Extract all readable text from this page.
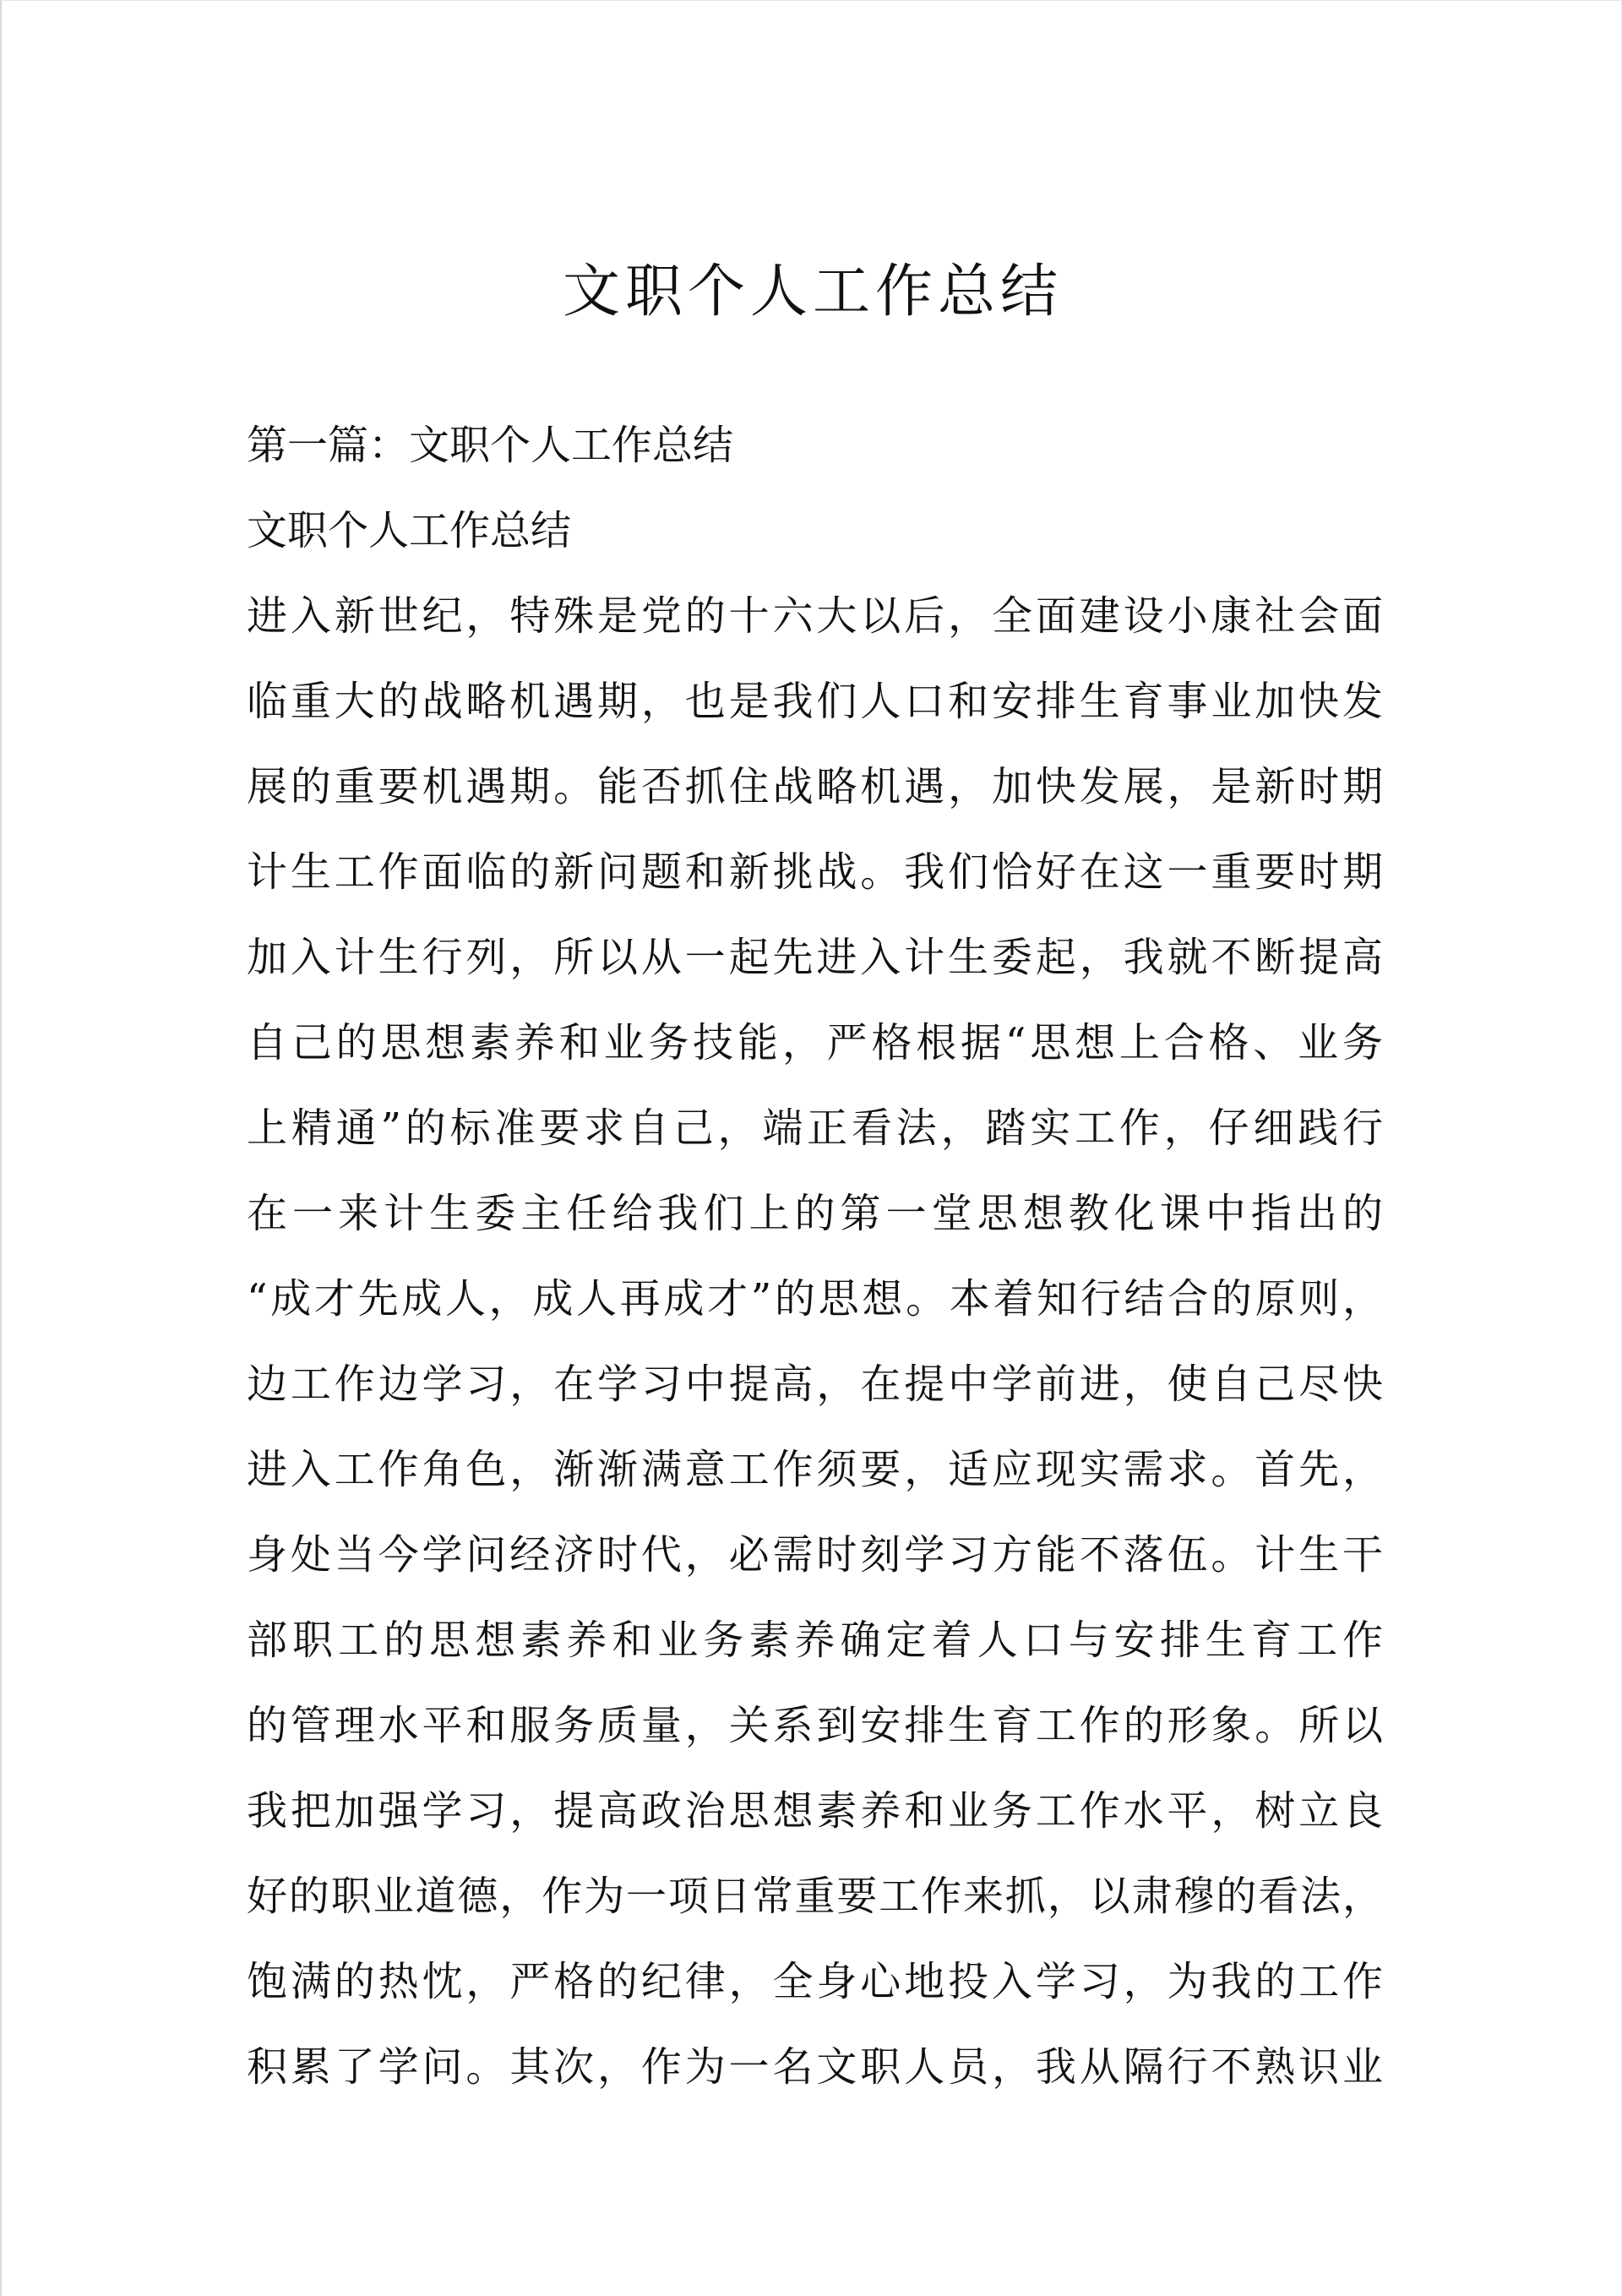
文职个人工作总结

第一篇：文职个人工作总结

文职个人工作总结

进入新世纪，特殊是党的十六大以后，全面建设小康社会面

临重大的战略机遇期，也是我们人口和安排生育事业加快发

展的重要机遇期。能否抓住战略机遇，加快发展，是新时期

计生工作面临的新问题和新挑战。我们恰好在这一重要时期

加入计生行列，所以从一起先进入计生委起，我就不断提高

自己的思想素养和业务技能，严格根据“思想上合格、业务

上精通”的标准要求自己，端正看法，踏实工作，仔细践行

在一来计生委主任给我们上的第一堂思想教化课中指出的

“成才先成人，成人再成才”的思想。本着知行结合的原则，

边工作边学习，在学习中提高，在提中学前进，使自己尽快

进入工作角色，渐渐满意工作须要，适应现实需求。首先，

身处当今学问经济时代，必需时刻学习方能不落伍。计生干

部职工的思想素养和业务素养确定着人口与安排生育工作

的管理水平和服务质量，关系到安排生育工作的形象。所以

我把加强学习，提高政治思想素养和业务工作水平，树立良

好的职业道德，作为一项日常重要工作来抓，以肃穆的看法，

饱满的热忱，严格的纪律，全身心地投入学习，为我的工作

积累了学问。其次，作为一名文职人员，我从隔行不熟识业
